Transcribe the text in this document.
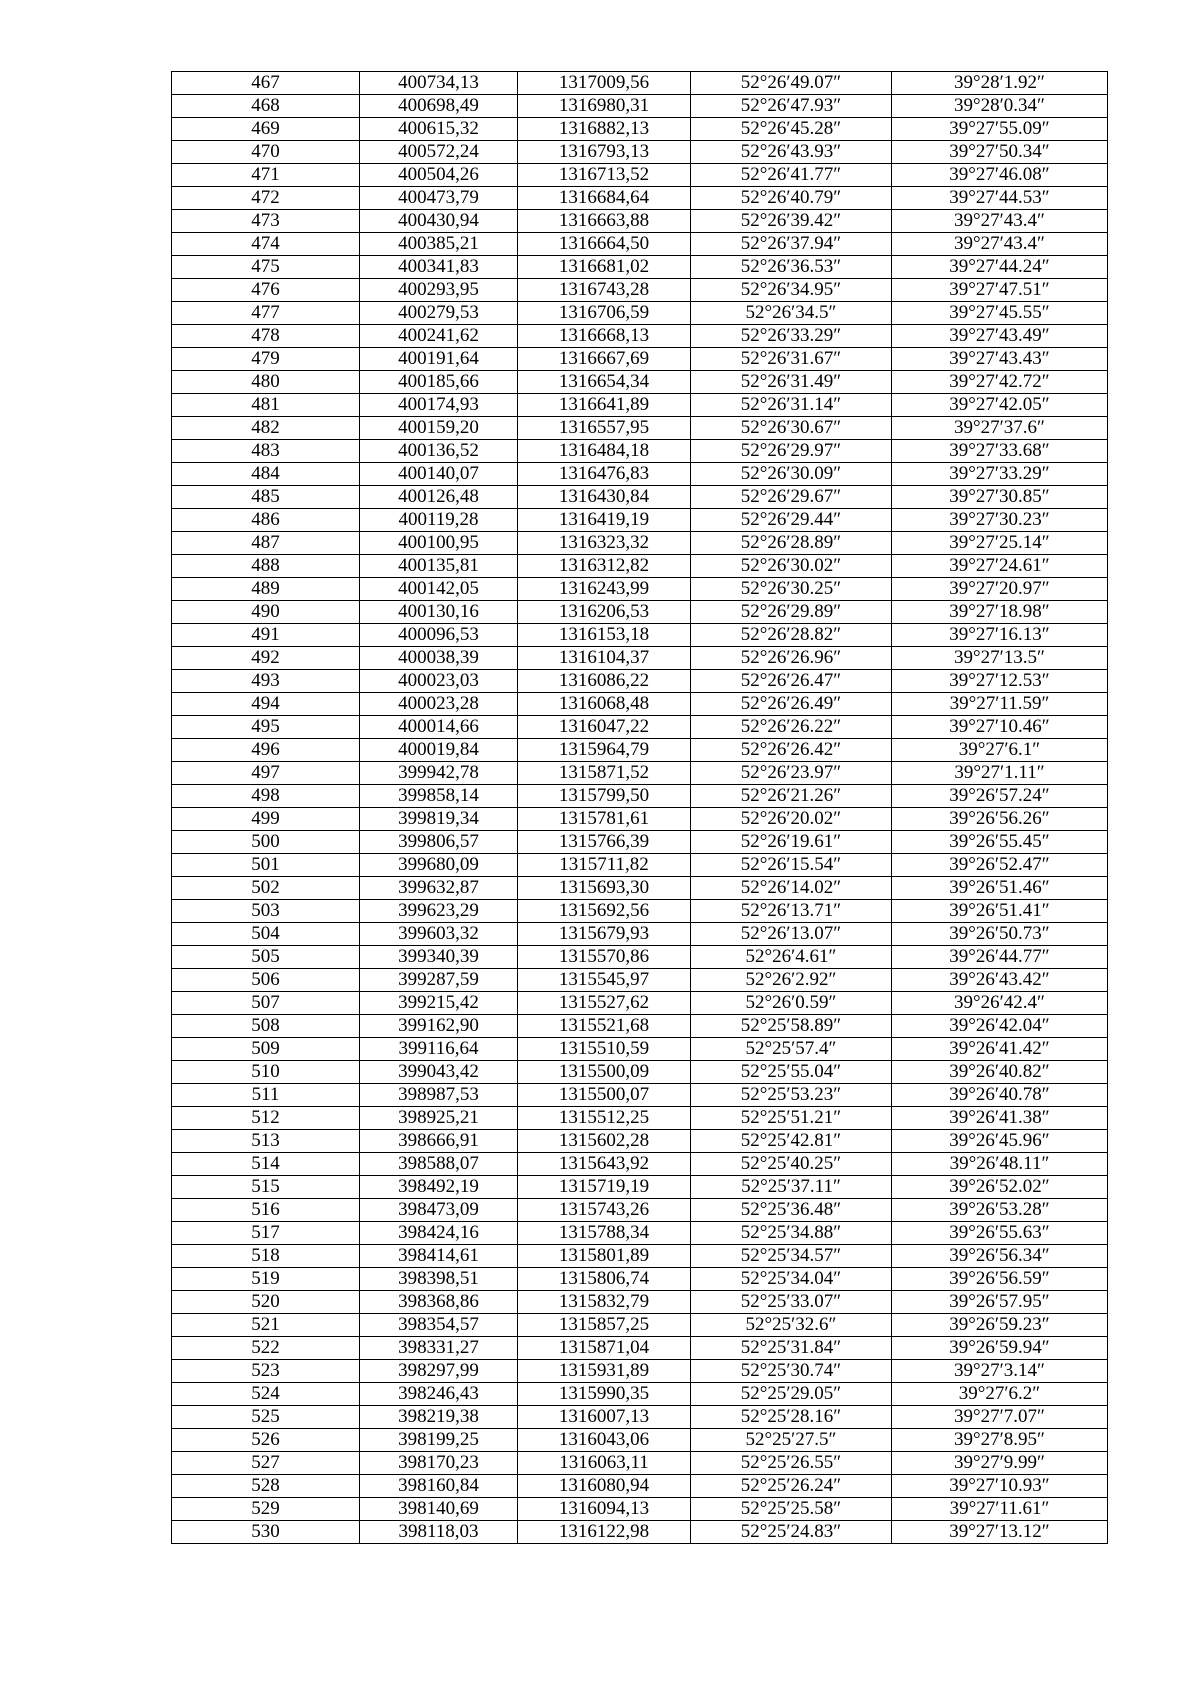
467	400734,13	1317009,56	52°26′49.07″	39°28′1.92″
468	400698,49	1316980,31	52°26′47.93″	39°28′0.34″
469	400615,32	1316882,13	52°26′45.28″	39°27′55.09″
470	400572,24	1316793,13	52°26′43.93″	39°27′50.34″
471	400504,26	1316713,52	52°26′41.77″	39°27′46.08″
472	400473,79	1316684,64	52°26′40.79″	39°27′44.53″
473	400430,94	1316663,88	52°26′39.42″	39°27′43.4″
474	400385,21	1316664,50	52°26′37.94″	39°27′43.4″
475	400341,83	1316681,02	52°26′36.53″	39°27′44.24″
476	400293,95	1316743,28	52°26′34.95″	39°27′47.51″
477	400279,53	1316706,59	52°26′34.5″	39°27′45.55″
478	400241,62	1316668,13	52°26′33.29″	39°27′43.49″
479	400191,64	1316667,69	52°26′31.67″	39°27′43.43″
480	400185,66	1316654,34	52°26′31.49″	39°27′42.72″
481	400174,93	1316641,89	52°26′31.14″	39°27′42.05″
482	400159,20	1316557,95	52°26′30.67″	39°27′37.6″
483	400136,52	1316484,18	52°26′29.97″	39°27′33.68″
484	400140,07	1316476,83	52°26′30.09″	39°27′33.29″
485	400126,48	1316430,84	52°26′29.67″	39°27′30.85″
486	400119,28	1316419,19	52°26′29.44″	39°27′30.23″
487	400100,95	1316323,32	52°26′28.89″	39°27′25.14″
488	400135,81	1316312,82	52°26′30.02″	39°27′24.61″
489	400142,05	1316243,99	52°26′30.25″	39°27′20.97″
490	400130,16	1316206,53	52°26′29.89″	39°27′18.98″
491	400096,53	1316153,18	52°26′28.82″	39°27′16.13″
492	400038,39	1316104,37	52°26′26.96″	39°27′13.5″
493	400023,03	1316086,22	52°26′26.47″	39°27′12.53″
494	400023,28	1316068,48	52°26′26.49″	39°27′11.59″
495	400014,66	1316047,22	52°26′26.22″	39°27′10.46″
496	400019,84	1315964,79	52°26′26.42″	39°27′6.1″
497	399942,78	1315871,52	52°26′23.97″	39°27′1.11″
498	399858,14	1315799,50	52°26′21.26″	39°26′57.24″
499	399819,34	1315781,61	52°26′20.02″	39°26′56.26″
500	399806,57	1315766,39	52°26′19.61″	39°26′55.45″
501	399680,09	1315711,82	52°26′15.54″	39°26′52.47″
502	399632,87	1315693,30	52°26′14.02″	39°26′51.46″
503	399623,29	1315692,56	52°26′13.71″	39°26′51.41″
504	399603,32	1315679,93	52°26′13.07″	39°26′50.73″
505	399340,39	1315570,86	52°26′4.61″	39°26′44.77″
506	399287,59	1315545,97	52°26′2.92″	39°26′43.42″
507	399215,42	1315527,62	52°26′0.59″	39°26′42.4″
508	399162,90	1315521,68	52°25′58.89″	39°26′42.04″
509	399116,64	1315510,59	52°25′57.4″	39°26′41.42″
510	399043,42	1315500,09	52°25′55.04″	39°26′40.82″
511	398987,53	1315500,07	52°25′53.23″	39°26′40.78″
512	398925,21	1315512,25	52°25′51.21″	39°26′41.38″
513	398666,91	1315602,28	52°25′42.81″	39°26′45.96″
514	398588,07	1315643,92	52°25′40.25″	39°26′48.11″
515	398492,19	1315719,19	52°25′37.11″	39°26′52.02″
516	398473,09	1315743,26	52°25′36.48″	39°26′53.28″
517	398424,16	1315788,34	52°25′34.88″	39°26′55.63″
518	398414,61	1315801,89	52°25′34.57″	39°26′56.34″
519	398398,51	1315806,74	52°25′34.04″	39°26′56.59″
520	398368,86	1315832,79	52°25′33.07″	39°26′57.95″
521	398354,57	1315857,25	52°25′32.6″	39°26′59.23″
522	398331,27	1315871,04	52°25′31.84″	39°26′59.94″
523	398297,99	1315931,89	52°25′30.74″	39°27′3.14″
524	398246,43	1315990,35	52°25′29.05″	39°27′6.2″
525	398219,38	1316007,13	52°25′28.16″	39°27′7.07″
526	398199,25	1316043,06	52°25′27.5″	39°27′8.95″
527	398170,23	1316063,11	52°25′26.55″	39°27′9.99″
528	398160,84	1316080,94	52°25′26.24″	39°27′10.93″
529	398140,69	1316094,13	52°25′25.58″	39°27′11.61″
530	398118,03	1316122,98	52°25′24.83″	39°27′13.12″
